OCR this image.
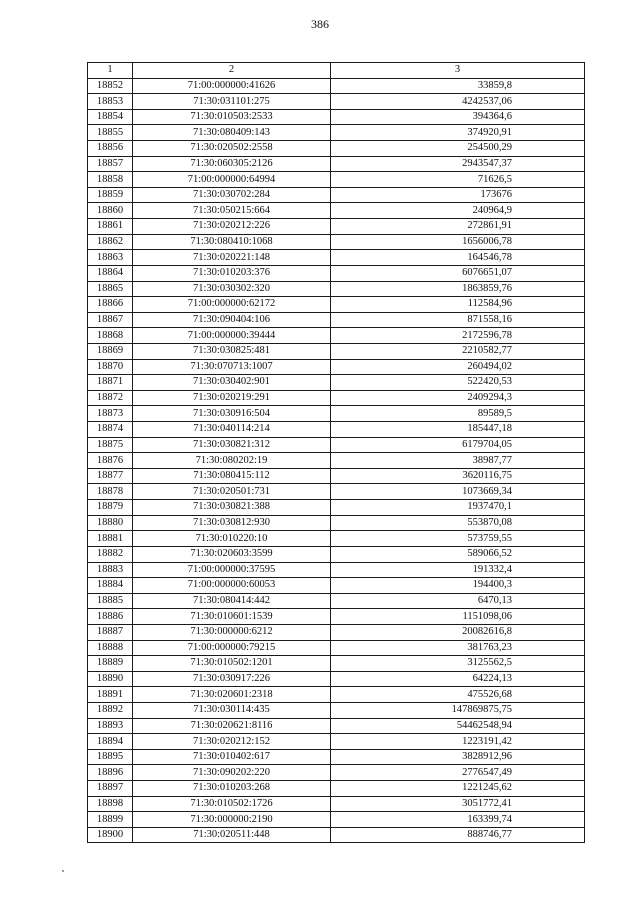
386
1	2	3
18852	71:00:000000:41626	33859,8
18853	71:30:031101:275	4242537,06
18854	71:30:010503:2533	394364,6
18855	71:30:080409:143	374920,91
18856	71:30:020502:2558	254500,29
18857	71:30:060305:2126	2943547,37
18858	71:00:000000:64994	71626,5
18859	71:30:030702:284	173676
18860	71:30:050215:664	240964,9
18861	71:30:020212:226	272861,91
18862	71:30:080410:1068	1656006,78
18863	71:30:020221:148	164546,78
18864	71:30:010203:376	6076651,07
18865	71:30:030302:320	1863859,76
18866	71:00:000000:62172	112584,96
18867	71:30:090404:106	871558,16
18868	71:00:000000:39444	2172596,78
18869	71:30:030825:481	2210582,77
18870	71:30:070713:1007	260494,02
18871	71:30:030402:901	522420,53
18872	71:30:020219:291	2409294,3
18873	71:30:030916:504	89589,5
18874	71:30:040114:214	185447,18
18875	71:30:030821:312	6179704,05
18876	71:30:080202:19	38987,77
18877	71:30:080415:112	3620116,75
18878	71:30:020501:731	1073669,34
18879	71:30:030821:388	1937470,1
18880	71:30:030812:930	553870,08
18881	71:30:010220:10	573759,55
18882	71:30:020603:3599	589066,52
18883	71:00:000000:37595	191332,4
18884	71:00:000000:60053	194400,3
18885	71:30:080414:442	6470,13
18886	71:30:010601:1539	1151098,06
18887	71:30:000000:6212	20082616,8
18888	71:00:000000:79215	381763,23
18889	71:30:010502:1201	3125562,5
18890	71:30:030917:226	64224,13
18891	71:30:020601:2318	475526,68
18892	71:30:030114:435	147869875,75
18893	71:30:020621:8116	54462548,94
18894	71:30:020212:152	1223191,42
18895	71:30:010402:617	3828912,96
18896	71:30:090202:220	2776547,49
18897	71:30:010203:268	1221245,62
18898	71:30:010502:1726	3051772,41
18899	71:30:000000:2190	163399,74
18900	71:30:020511:448	888746,77
